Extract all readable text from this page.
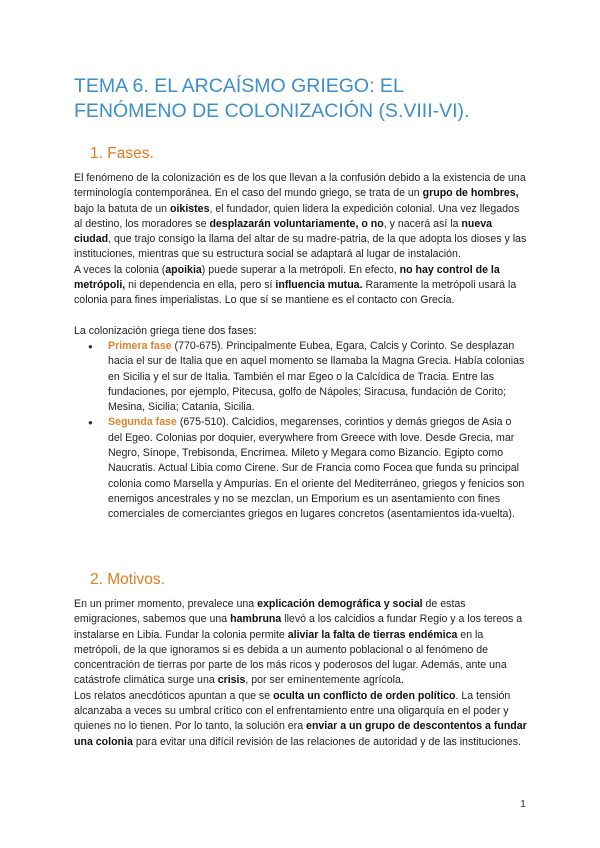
TEMA 6. EL ARCAÍSMO GRIEGO: EL
FENÓMENO DE COLONIZACIÓN (S.VIII-VI).
1. Fases.

El fenómeno de la colonización es de los que llevan a la confusión debido a la existencia de una terminología contemporánea. En el caso del mundo griego, se trata de un grupo de hombres, bajo la batuta de un oikistes, el fundador, quien lidera la expedición colonial. Una vez llegados al destino, los moradores se desplazarán voluntariamente, o no, y nacerá así la nueva ciudad, que trajo consigo la llama del altar de su madre-patria, de la que adopta los dioses y las instituciones, mientras que su estructura social se adaptará al lugar de instalación.

A veces la colonia (apoikia) puede superar a la metrópoli. En efecto, no hay control de la metrópoli, ni dependencia en ella, pero sí influencia mutua. Raramente la metrópoli usará la colonia para fines imperialistas. Lo que sí se mantiene es el contacto con Grecia.

La colonización griega tiene dos fases:

● Primera fase (770-675). Principalmente Eubea, Egara, Calcis y Corinto. Se desplazan hacia el sur de Italia que en aquel momento se llamaba la Magna Grecia. Había colonias en Sicilia y el sur de Italia. También el mar Egeo o la Calcídica de Tracia. Entre las fundaciones, por ejemplo, Pitecusa, golfo de Nápoles; Siracusa, fundación de Corito; Mesina, Sicilia; Catania, Sicilia.
● Segunda fase (675-510). Calcidios, megarenses, corintios y demás griegos de Asia o del Egeo. Colonias por doquier, everywhere from Greece with love. Desde Grecia, mar Negro, Sínope, Trebisonda, Encrimea. Mileto y Megara como Bizancio. Egipto como Naucratis. Actual Libia como Cirene. Sur de Francia como Focea que funda su principal colonia como Marsella y Ampurias. En el oriente del Mediterráneo, griegos y fenicios son enemigos ancestrales y no se mezclan, un Emporium es un asentamiento con fines comerciales de comerciantes griegos en lugares concretos (asentamientos ida-vuelta).
2. Motivos.

En un primer momento, prevalece una explicación demográfica y social de estas emigraciones, sabemos que una hambruna llevó a los calcidios a fundar Regio y a los tereos a instalarse en Libia. Fundar la colonia permite aliviar la falta de tierras endémica en la metrópoli, de la que ignoramos si es debida a un aumento poblacional o al fenómeno de concentración de tierras por parte de los más ricos y poderosos del lugar. Además, ante una catástrofe climática surge una crisis, por ser eminentemente agrícola.

Los relatos anecdóticos apuntan a que se oculta un conflicto de orden político. La tensión alcanzaba a veces su umbral crítico con el enfrentamiento entre una oligarquía en el poder y quienes no lo tienen. Por lo tanto, la solución era enviar a un grupo de descontentos a fundar una colonia para evitar una difícil revisión de las relaciones de autoridad y de las instituciones.

1
